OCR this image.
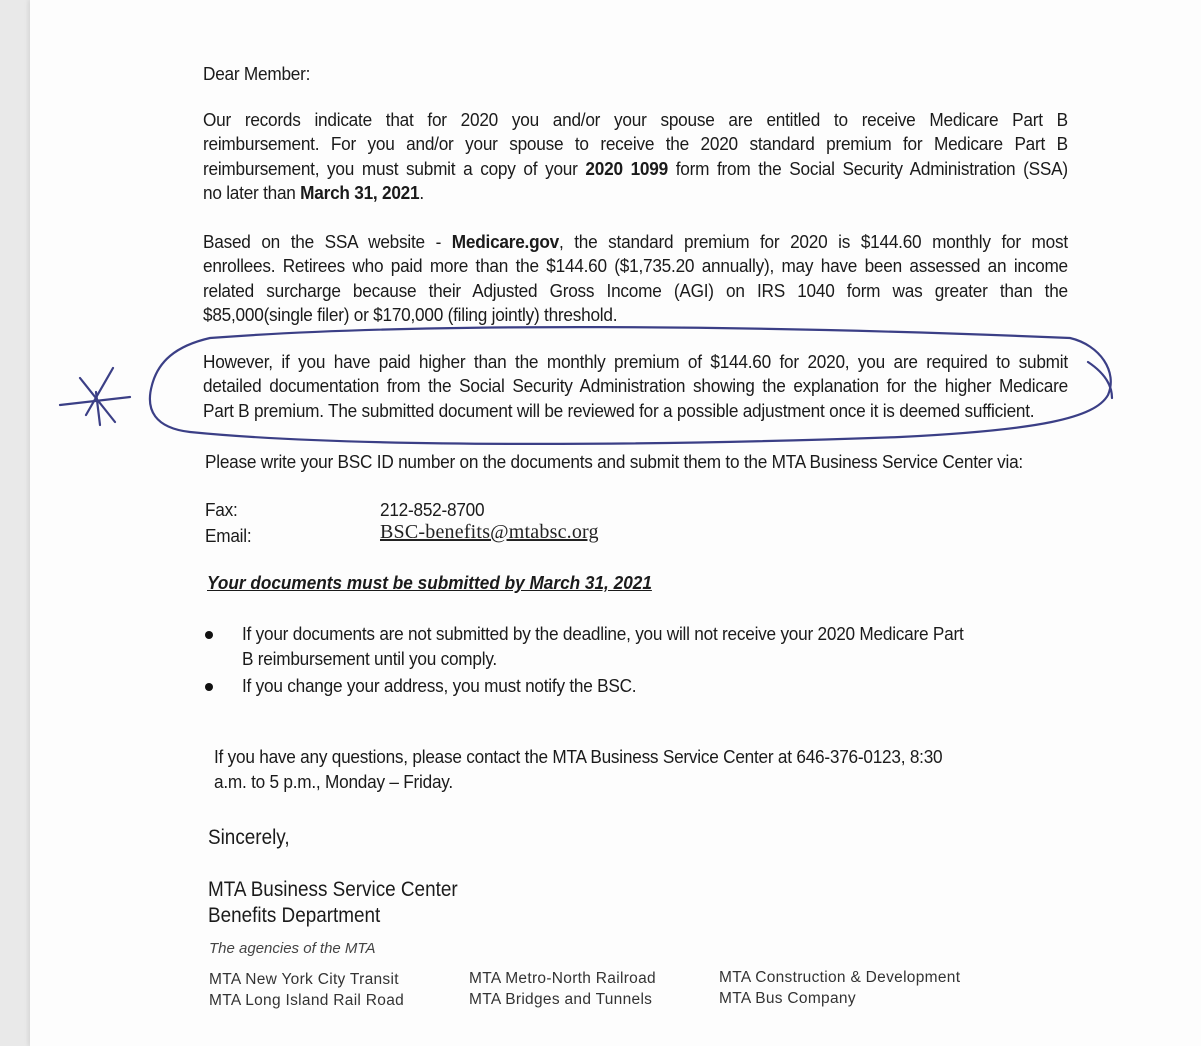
Dear Member:
Our records indicate that for 2020 you and/or your spouse are entitled to receive Medicare Part B
reimbursement. For you and/or your spouse to receive the 2020 standard premium for Medicare Part B
reimbursement, you must submit a copy of your 2020 1099 form from the Social Security Administration (SSA)
no later than March 31, 2021.
Based on the SSA website - Medicare.gov, the standard premium for 2020 is $144.60 monthly for most
enrollees. Retirees who paid more than the $144.60 ($1,735.20 annually), may have been assessed an income
related surcharge because their Adjusted Gross Income (AGI) on IRS 1040 form was greater than the
$85,000(single filer) or $170,000 (filing jointly) threshold.
However, if you have paid higher than the monthly premium of $144.60 for 2020, you are required to submit
detailed documentation from the Social Security Administration showing the explanation for the higher Medicare
Part B premium. The submitted document will be reviewed for a possible adjustment once it is deemed sufficient.
Please write your BSC ID number on the documents and submit them to the MTA Business Service Center via:
Fax:	212-852-8700
Email:	BSC-benefits@mtabsc.org
Your documents must be submitted by March 31, 2021
If your documents are not submitted by the deadline, you will not receive your 2020 Medicare Part
B reimbursement until you comply.
If you change your address, you must notify the BSC.
If you have any questions, please contact the MTA Business Service Center at 646-376-0123, 8:30
a.m. to 5 p.m., Monday – Friday.
Sincerely,
MTA Business Service Center
Benefits Department
The agencies of the MTA
MTA New York City Transit
MTA Long Island Rail Road
MTA Metro-North Railroad
MTA Bridges and Tunnels
MTA Construction & Development
MTA Bus Company
